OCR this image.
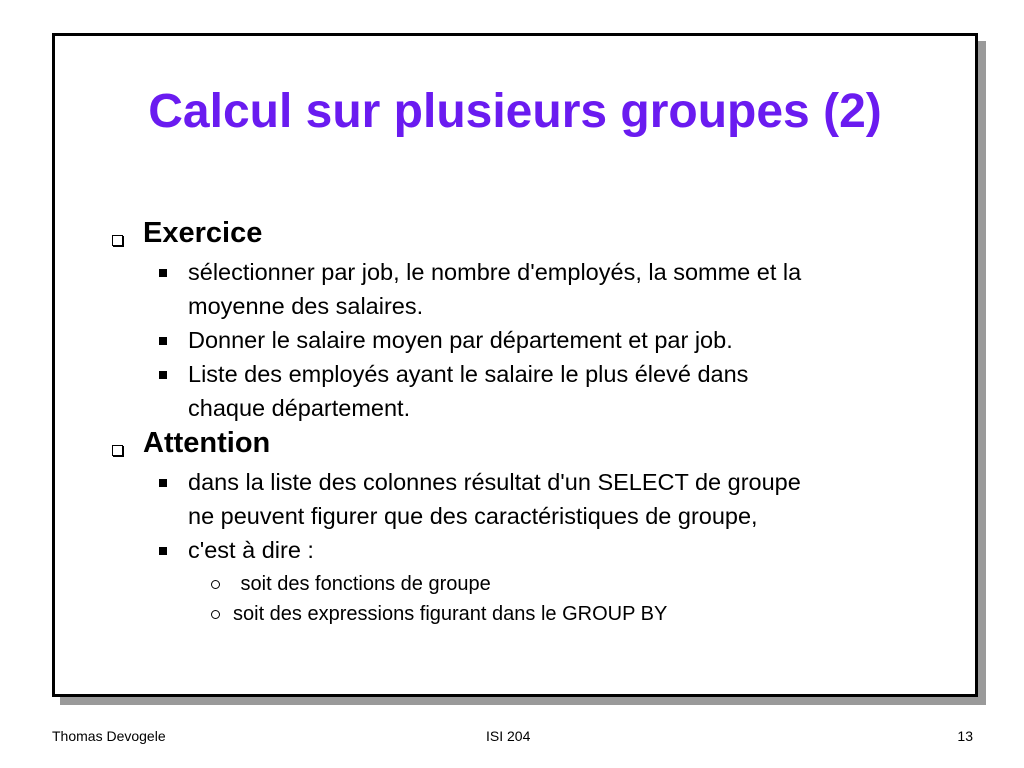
Calcul sur plusieurs groupes (2)
Exercice
sélectionner par job, le nombre d'employés, la somme et la
moyenne des salaires.
Donner le salaire moyen par département et par job.
Liste des employés ayant le salaire le plus élevé dans
chaque département.
Attention
dans la liste des colonnes résultat d'un SELECT de groupe
ne peuvent figurer que des caractéristiques de groupe,
c'est à dire :
soit des fonctions de groupe
soit des expressions figurant dans le GROUP BY
Thomas Devogele	ISI 204	13
